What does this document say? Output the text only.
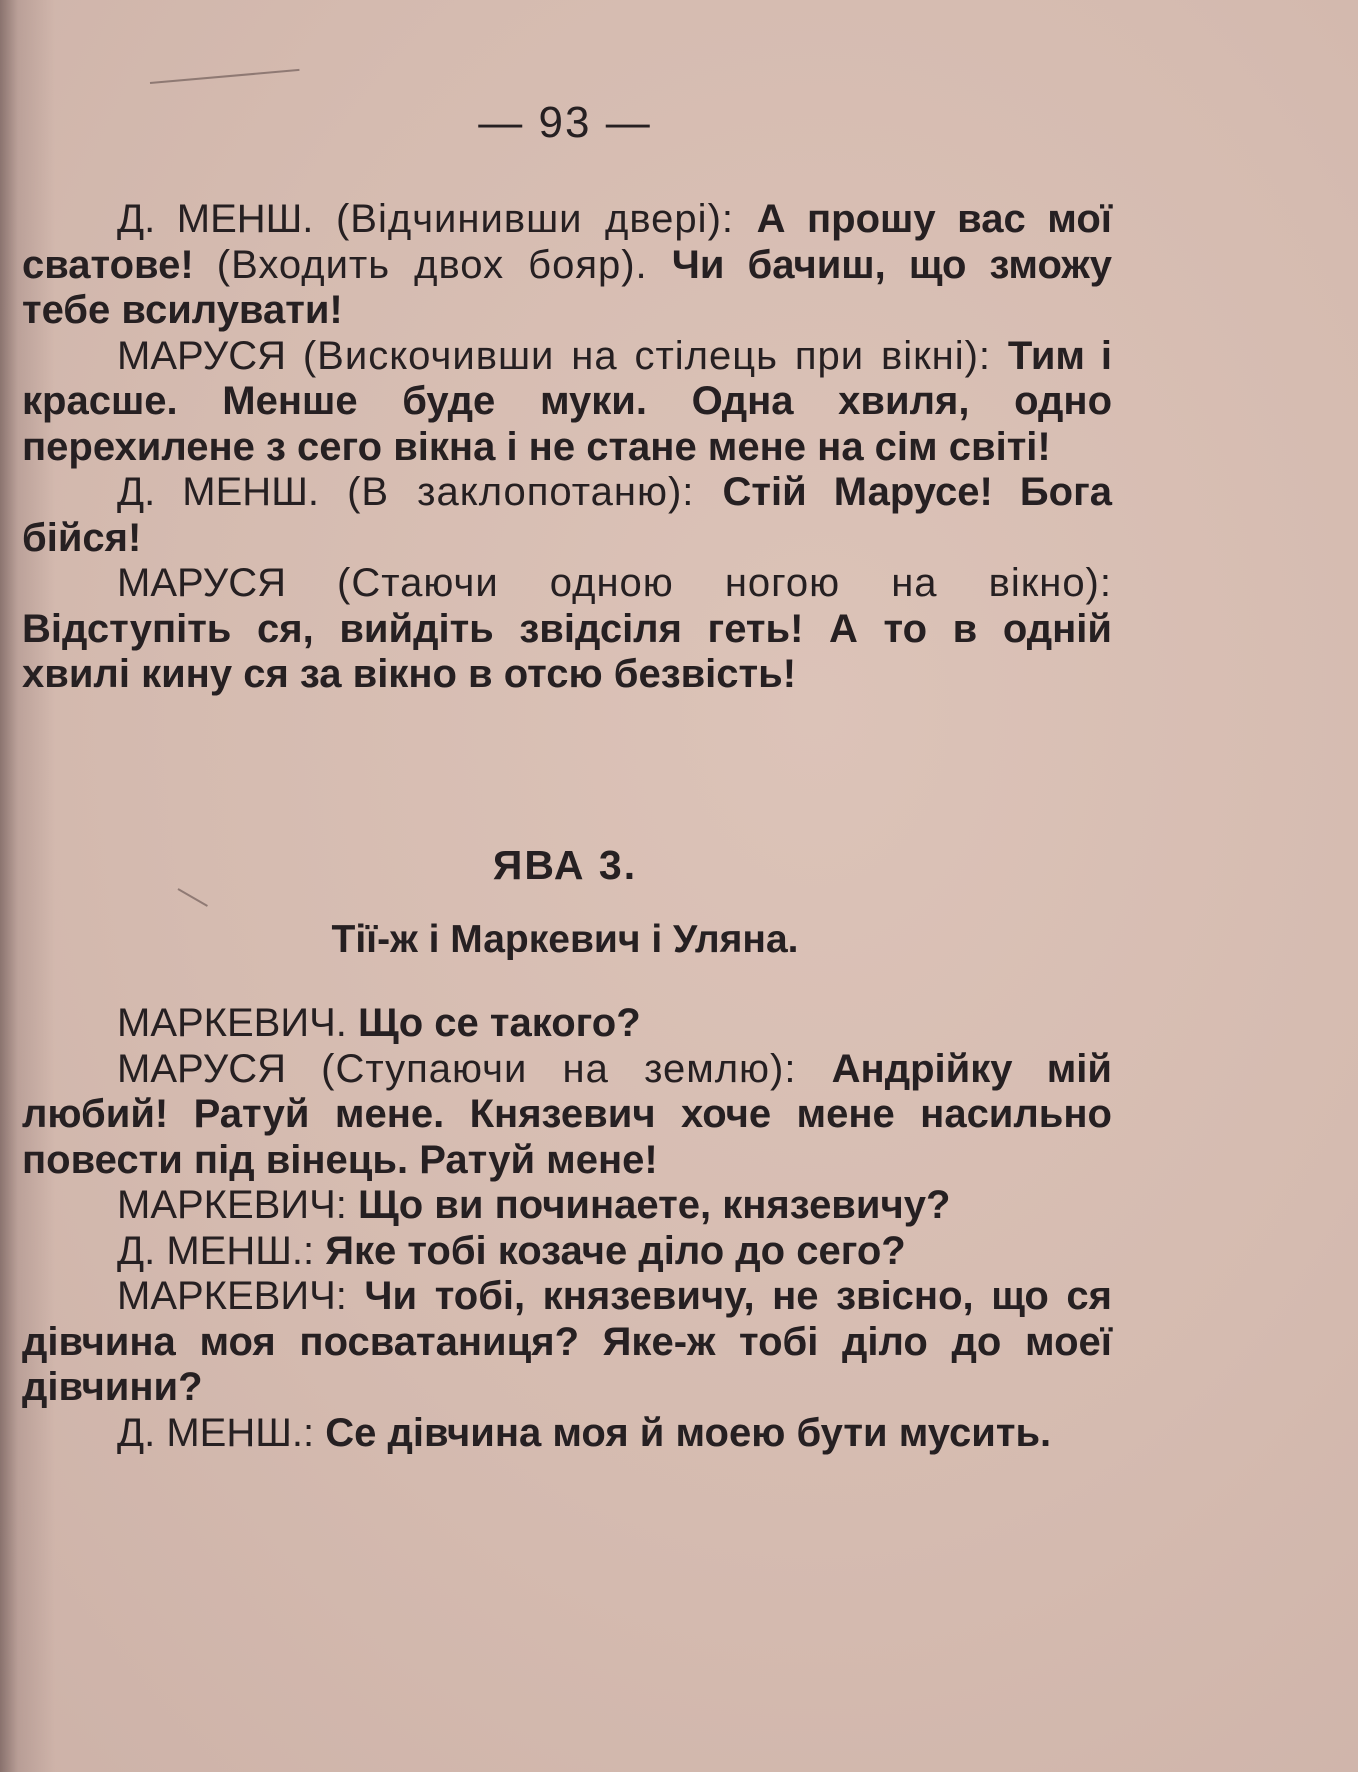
— 93 —

Д. МЕНШ. (Відчинивши двері): А прошу вас мої сватове! (Входить двох бояр). Чи бачиш, що зможу тебе всилувати!

МАРУСЯ (Вискочивши на стілець при вікні): Тим і красше. Менше буде муки. Одна хвиля, одно перехилене з сего вікна і не стане мене на сім світі!

Д. МЕНШ. (В заклопотаню): Стій Марусе! Бога бійся!

МАРУСЯ (Стаючи одною ногою на вікно): Відступіть ся, вийдіть звідсіля геть! А то в одній хвилі кину ся за вікно в отсю безвість!

ЯВА 3.
Тії-ж і Маркевич і Уляна.

МАРКЕВИЧ. Що се такого?

МАРУСЯ (Ступаючи на землю): Андрійку мій любий! Ратуй мене. Князевич хоче мене насильно повести під вінець. Ратуй мене!

МАРКЕВИЧ: Що ви починаете, князевичу?

Д. МЕНШ.: Яке тобі козаче діло до сего?

МАРКЕВИЧ: Чи тобі, князевичу, не звісно, що ся дівчина моя посватаниця? Яке-ж тобі діло до моеї дівчини?

Д. МЕНШ.: Се дівчина моя й моею бути мусить.
